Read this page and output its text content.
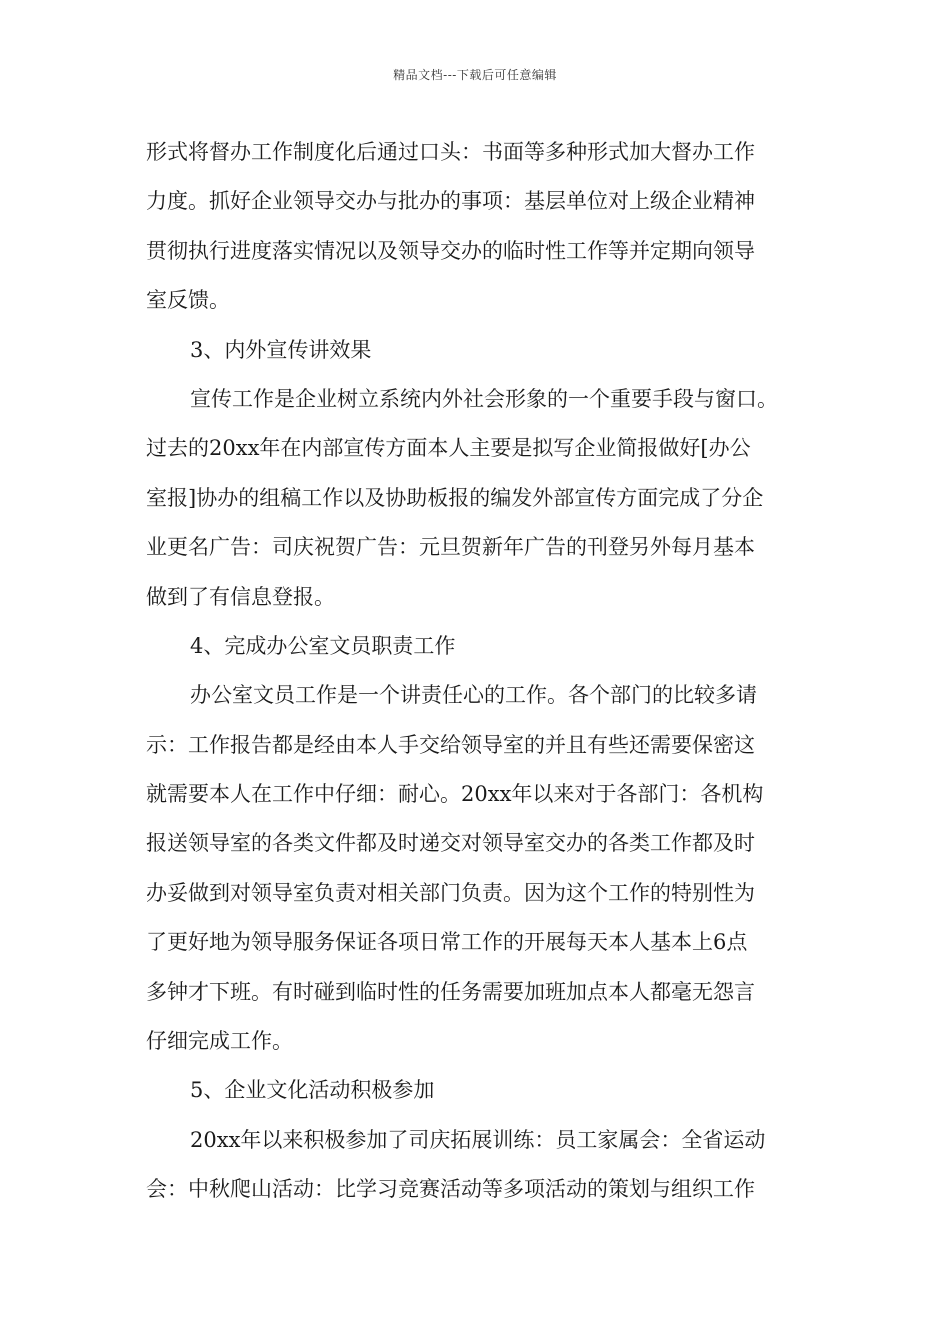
精品文档---下载后可任意编辑
形式将督办工作制度化后通过口头：书面等多种形式加大督办工作
力度。抓好企业领导交办与批办的事项：基层单位对上级企业精神
贯彻执行进度落实情况以及领导交办的临时性工作等并定期向领导
室反馈。
3、内外宣传讲效果
宣传工作是企业树立系统内外社会形象的一个重要手段与窗口。
过去的20xx年在内部宣传方面本人主要是拟写企业简报做好[办公
室报]协办的组稿工作以及协助板报的编发外部宣传方面完成了分企
业更名广告：司庆祝贺广告：元旦贺新年广告的刊登另外每月基本
做到了有信息登报。
4、完成办公室文员职责工作
办公室文员工作是一个讲责任心的工作。各个部门的比较多请
示：工作报告都是经由本人手交给领导室的并且有些还需要保密这
就需要本人在工作中仔细：耐心。20xx年以来对于各部门：各机构
报送领导室的各类文件都及时递交对领导室交办的各类工作都及时
办妥做到对领导室负责对相关部门负责。因为这个工作的特别性为
了更好地为领导服务保证各项日常工作的开展每天本人基本上6点
多钟才下班。有时碰到临时性的任务需要加班加点本人都毫无怨言
仔细完成工作。
5、企业文化活动积极参加
20xx年以来积极参加了司庆拓展训练：员工家属会：全省运动
会：中秋爬山活动：比学习竞赛活动等多项活动的策划与组织工作
